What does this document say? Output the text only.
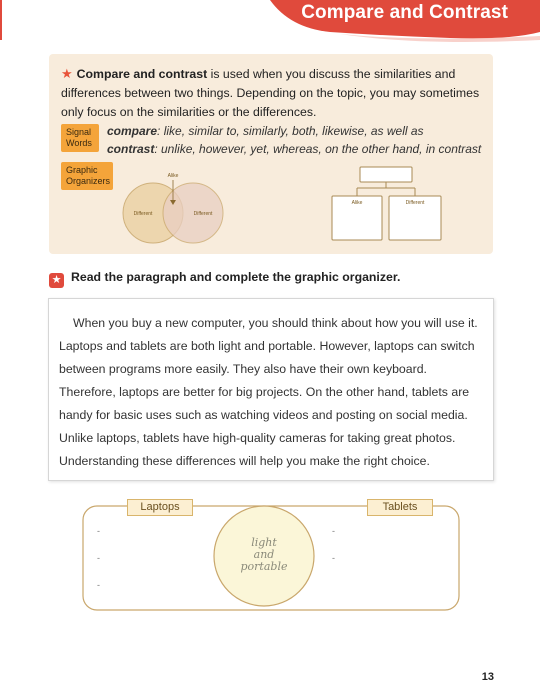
Compare and Contrast
★ Compare and contrast is used when you discuss the similarities and differences between two things. Depending on the topic, you may sometimes only focus on the similarities or the differences.
Signal Words
compare: like, similar to, similarly, both, likewise, as well as
contrast: unlike, however, yet, whereas, on the other hand, in contrast
Graphic Organizers	Alike
Different	Different
Alike	Different
★ Read the paragraph and complete the graphic organizer.

When you buy a new computer, you should think about how you will use it. Laptops and tablets are both light and portable. However, laptops can switch between programs more easily. They also have their own keyboard. Therefore, laptops are better for big projects. On the other hand, tablets are handy for basic uses such as watching videos and posting on social media. Unlike laptops, tablets have high-quality cameras for taking great photos. Understanding these differences will help you make the right choice.

Laptops	Tablets
light
and
portable
-
-
-
-
-
13
